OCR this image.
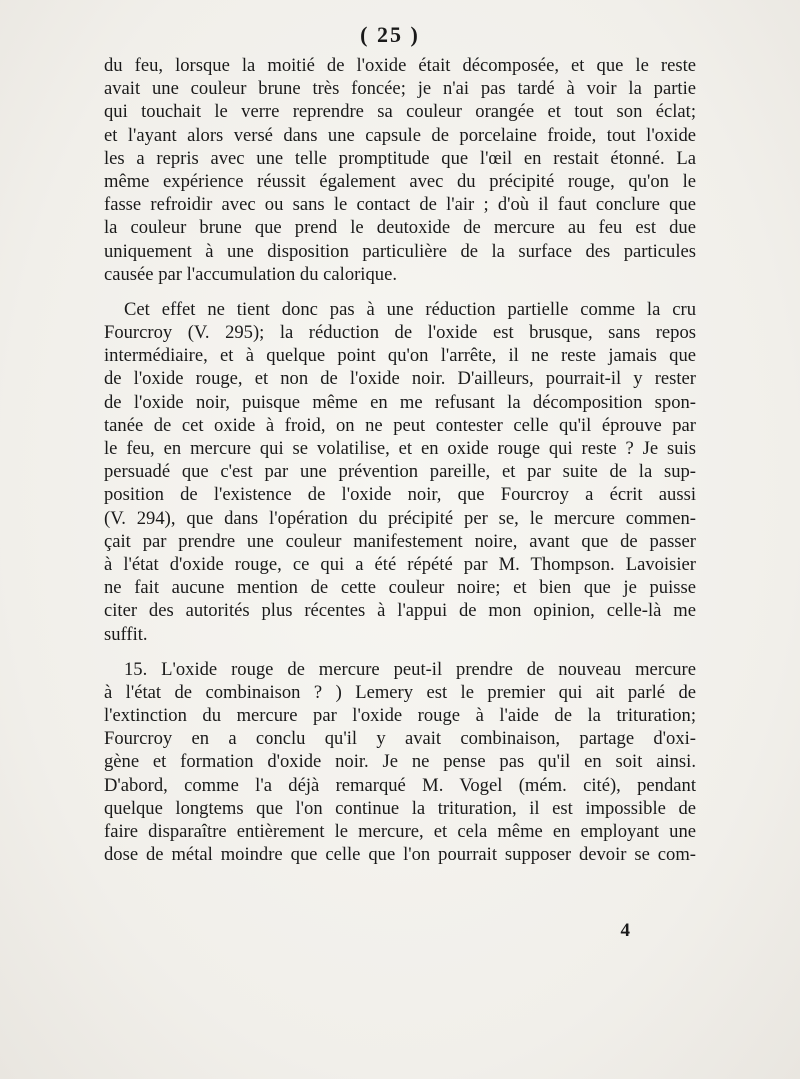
( 25 )
du feu, lorsque la moitié de l'oxide était décomposée, et que le reste
avait une couleur brune très foncée; je n'ai pas tardé à voir la partie
qui touchait le verre reprendre sa couleur orangée et tout son éclat;
et l'ayant alors versé dans une capsule de porcelaine froide, tout l'oxide
les a repris avec une telle promptitude que l'œil en restait étonné. La
même expérience réussit également avec du précipité rouge, qu'on le
fasse refroidir avec ou sans le contact de l'air ; d'où il faut conclure que
la couleur brune que prend le deutoxide de mercure au feu est due
uniquement à une disposition particulière de la surface des particules
causée par l'accumulation du calorique.
Cet effet ne tient donc pas à une réduction partielle comme la cru
Fourcroy (V. 295); la réduction de l'oxide est brusque, sans repos
intermédiaire, et à quelque point qu'on l'arrête, il ne reste jamais que
de l'oxide rouge, et non de l'oxide noir. D'ailleurs, pourrait-il y rester
de l'oxide noir, puisque même en me refusant la décomposition spon-
tanée de cet oxide à froid, on ne peut contester celle qu'il éprouve par
le feu, en mercure qui se volatilise, et en oxide rouge qui reste ? Je suis
persuadé que c'est par une prévention pareille, et par suite de la sup-
position de l'existence de l'oxide noir, que Fourcroy a écrit aussi
(V. 294), que dans l'opération du précipité per se, le mercure commen-
çait par prendre une couleur manifestement noire, avant que de passer
à l'état d'oxide rouge, ce qui a été répété par M. Thompson. Lavoisier
ne fait aucune mention de cette couleur noire; et bien que je puisse
citer des autorités plus récentes à l'appui de mon opinion, celle-là me
suffit.
15. L'oxide rouge de mercure peut-il prendre de nouveau mercure
à l'état de combinaison ? ) Lemery est le premier qui ait parlé de
l'extinction du mercure par l'oxide rouge à l'aide de la trituration;
Fourcroy en a conclu qu'il y avait combinaison, partage d'oxi-
gène et formation d'oxide noir. Je ne pense pas qu'il en soit ainsi.
D'abord, comme l'a déjà remarqué M. Vogel (mém. cité), pendant
quelque longtems que l'on continue la trituration, il est impossible de
faire disparaître entièrement le mercure, et cela même en employant une
dose de métal moindre que celle que l'on pourrait supposer devoir se com-
4
